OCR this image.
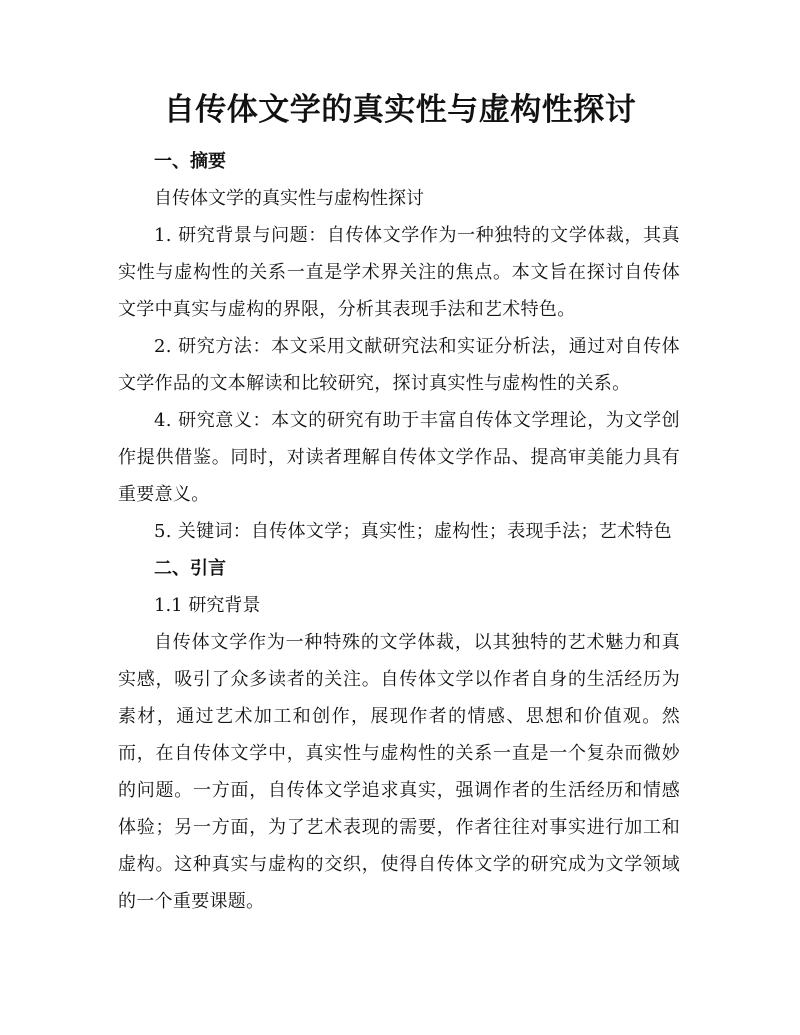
自传体文学的真实性与虚构性探讨

一、摘要

自传体文学的真实性与虚构性探讨

1. 研究背景与问题：自传体文学作为一种独特的文学体裁，其真实性与虚构性的关系一直是学术界关注的焦点。本文旨在探讨自传体文学中真实与虚构的界限，分析其表现手法和艺术特色。

2. 研究方法：本文采用文献研究法和实证分析法，通过对自传体文学作品的文本解读和比较研究，探讨真实性与虚构性的关系。

4. 研究意义：本文的研究有助于丰富自传体文学理论，为文学创作提供借鉴。同时，对读者理解自传体文学作品、提高审美能力具有重要意义。

5. 关键词：自传体文学；真实性；虚构性；表现手法；艺术特色

二、引言

1.1 研究背景

自传体文学作为一种特殊的文学体裁，以其独特的艺术魅力和真实感，吸引了众多读者的关注。自传体文学以作者自身的生活经历为素材，通过艺术加工和创作，展现作者的情感、思想和价值观。然而，在自传体文学中，真实性与虚构性的关系一直是一个复杂而微妙的问题。一方面，自传体文学追求真实，强调作者的生活经历和情感体验；另一方面，为了艺术表现的需要，作者往往对事实进行加工和虚构。这种真实与虚构的交织，使得自传体文学的研究成为文学领域的一个重要课题。
